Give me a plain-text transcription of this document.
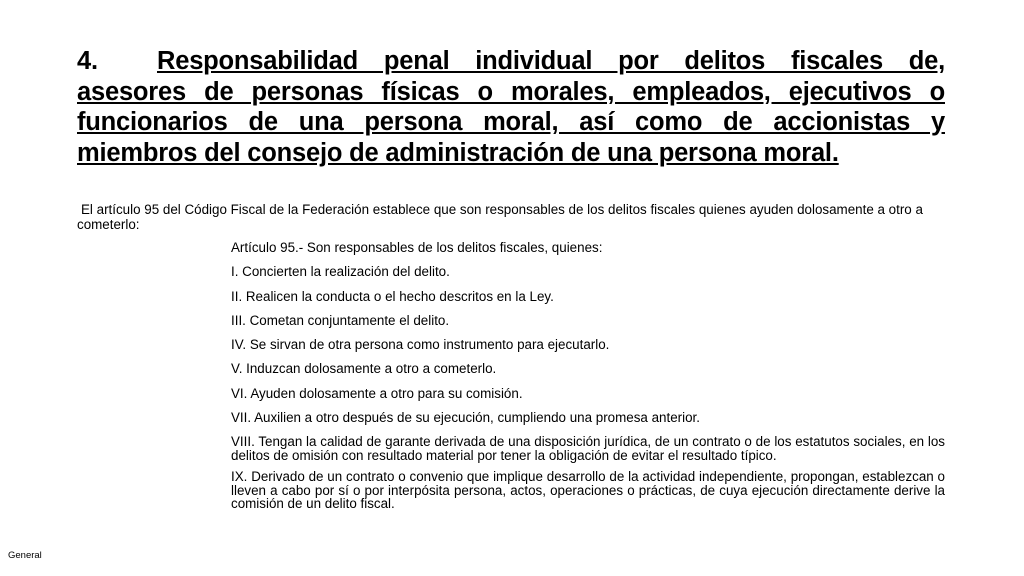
4. Responsabilidad penal individual por delitos fiscales de, asesores de personas físicas o morales, empleados, ejecutivos o funcionarios de una persona moral, así como de accionistas y miembros del consejo de administración de una persona moral.

El artículo 95 del Código Fiscal de la Federación establece que son responsables de los delitos fiscales quienes ayuden dolosamente a otro a cometerlo:

Artículo 95.- Son responsables de los delitos fiscales, quienes:
I. Concierten la realización del delito.
II. Realicen la conducta o el hecho descritos en la Ley.
III. Cometan conjuntamente el delito.
IV. Se sirvan de otra persona como instrumento para ejecutarlo.
V. Induzcan dolosamente a otro a cometerlo.
VI. Ayuden dolosamente a otro para su comisión.
VII. Auxilien a otro después de su ejecución, cumpliendo una promesa anterior.
VIII. Tengan la calidad de garante derivada de una disposición jurídica, de un contrato o de los estatutos sociales, en los delitos de omisión con resultado material por tener la obligación de evitar el resultado típico.
IX. Derivado de un contrato o convenio que implique desarrollo de la actividad independiente, propongan, establezcan o lleven a cabo por sí o por interpósita persona, actos, operaciones o prácticas, de cuya ejecución directamente derive la comisión de un delito fiscal.
General
